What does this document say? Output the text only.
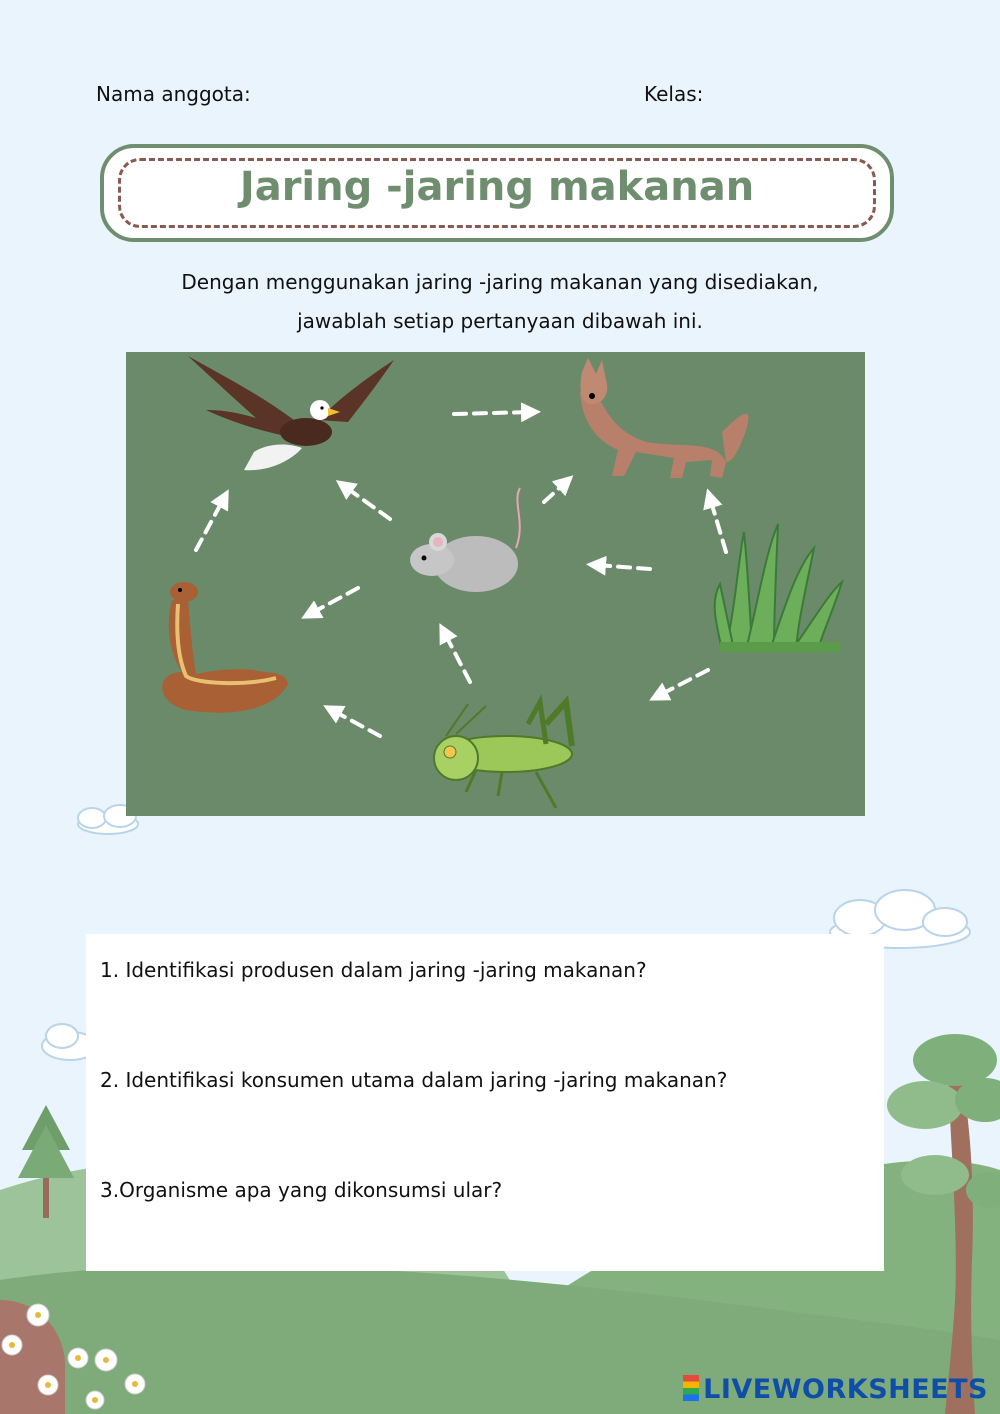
Nama anggota:	Kelas:
Jaring -jaring makanan
Dengan menggunakan jaring -jaring makanan yang disediakan,
jawablah setiap pertanyaan dibawah ini.
1. Identifikasi produsen dalam jaring -jaring makanan?
2. Identifikasi konsumen utama dalam jaring -jaring makanan?
3.Organisme apa yang dikonsumsi ular?
LIVEWORKSHEETS
